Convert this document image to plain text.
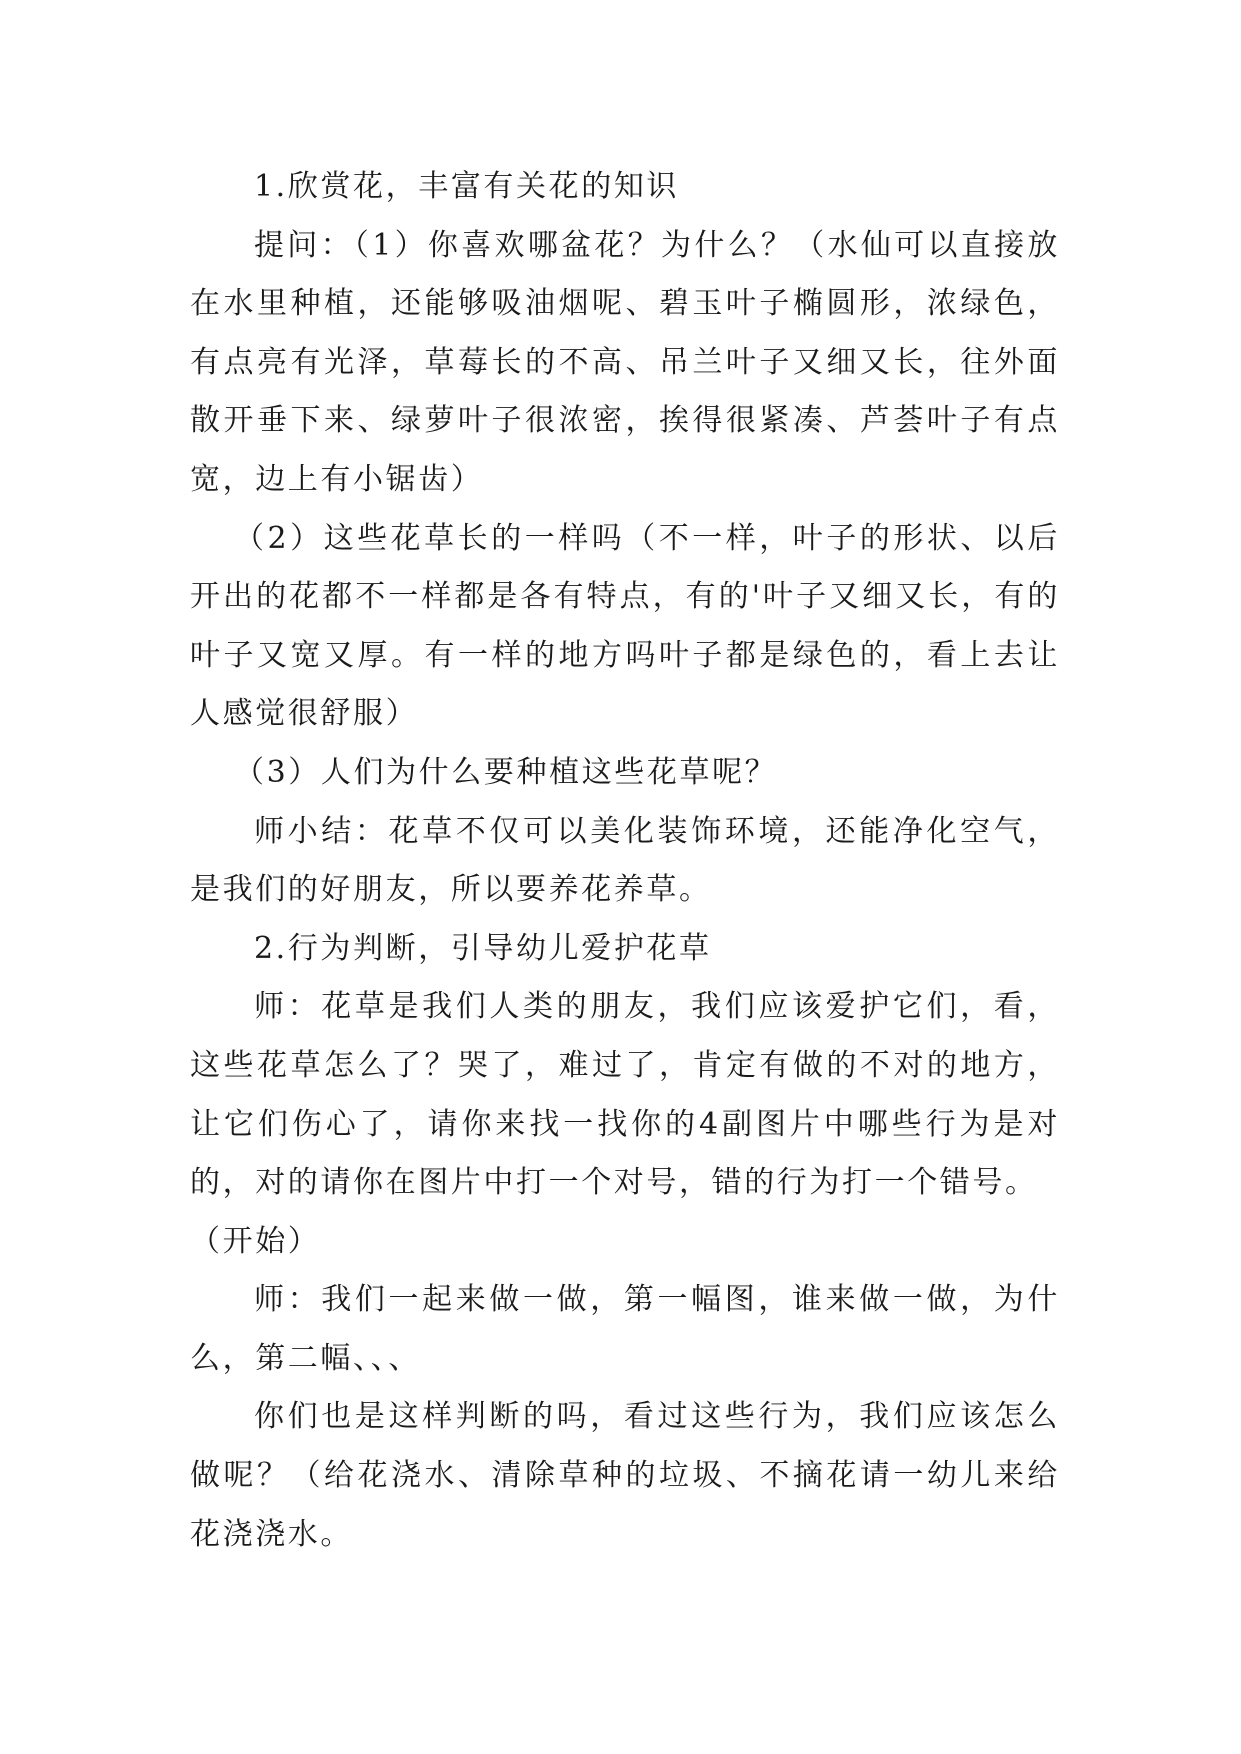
1.欣赏花，丰富有关花的知识

提问：（1）你喜欢哪盆花？为什么？（水仙可以直接放在水里种植，还能够吸油烟呢、碧玉叶子椭圆形，浓绿色，有点亮有光泽，草莓长的不高、吊兰叶子又细又长，往外面散开垂下来、绿萝叶子很浓密，挨得很紧凑、芦荟叶子有点宽，边上有小锯齿）

（2）这些花草长的一样吗（不一样，叶子的形状、以后开出的花都不一样都是各有特点，有的'叶子又细又长，有的叶子又宽又厚。有一样的地方吗叶子都是绿色的，看上去让人感觉很舒服）

（3）人们为什么要种植这些花草呢？

师小结：花草不仅可以美化装饰环境，还能净化空气，是我们的好朋友，所以要养花养草。

2.行为判断，引导幼儿爱护花草

师：花草是我们人类的朋友，我们应该爱护它们，看，这些花草怎么了？哭了，难过了，肯定有做的不对的地方，让它们伤心了，请你来找一找你的4副图片中哪些行为是对的，对的请你在图片中打一个对号，错的行为打一个错号。

（开始）

师：我们一起来做一做，第一幅图，谁来做一做，为什么，第二幅、、、

你们也是这样判断的吗，看过这些行为，我们应该怎么做呢？（给花浇水、清除草种的垃圾、不摘花请一幼儿来给花浇浇水。
